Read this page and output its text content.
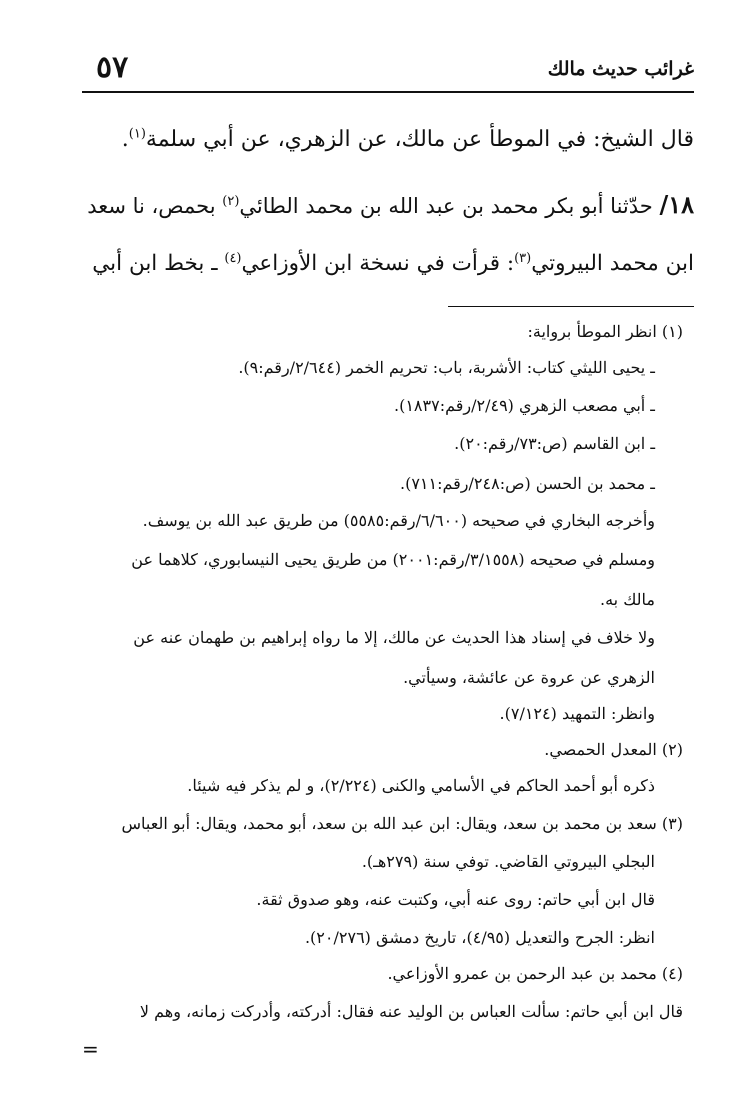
غرائب حديث مالك
٥٧
قال الشيخ: في الموطأ عن مالك، عن الزهري، عن أبي سلمة$^{(١)}$.
١٨/ حدّثنا أبو بكر محمد بن عبد الله بن محمد الطائي$^{(٢)}$ بحمص، نا سعد
ابن محمد البيروتي$^{(٣)}$: قرأت في نسخة ابن الأوزاعي$^{(٤)}$ ـ بخط ابن أبي
(١) انظر الموطأ برواية:
ـ يحيى الليثي كتاب: الأشربة، باب: تحريم الخمر (٢/٦٤٤/رقم:٩).
ـ أبي مصعب الزهري (٢/٤٩/رقم:١٨٣٧).
ـ ابن القاسم (ص:٧٣/رقم:٢٠).
ـ محمد بن الحسن (ص:٢٤٨/رقم:٧١١).
وأخرجه البخاري في صحيحه (٦/٦٠٠/رقم:٥٥٨٥) من طريق عبد الله بن يوسف.
ومسلم في صحيحه (٣/١٥٥٨/رقم:٢٠٠١) من طريق يحيى النيسابوري، كلاهما عن
مالك به.
ولا خلاف في إسناد هذا الحديث عن مالك، إلا ما رواه إبراهيم بن طهمان عنه عن
الزهري عن عروة عن عائشة، وسيأتي.
وانظر: التمهيد (٧/١٢٤).
(٢) المعدل الحمصي.
ذكره أبو أحمد الحاكم في الأسامي والكنى (٢/٢٢٤)، و لم يذكر فيه شيئا.
(٣) سعد بن محمد بن سعد، ويقال: ابن عبد الله بن سعد، أبو محمد، ويقال: أبو العباس
البجلي البيروتي القاضي. توفي سنة (٢٧٩هـ).
قال ابن أبي حاتم: روى عنه أبي، وكتبت عنه، وهو صدوق ثقة.
انظر: الجرح والتعديل (٤/٩٥)، تاريخ دمشق (٢٠/٢٧٦).
(٤) محمد بن عبد الرحمن بن عمرو الأوزاعي.
قال ابن أبي حاتم: سألت العباس بن الوليد عنه فقال: أدركته، وأدركت زمانه، وهم لا
=
